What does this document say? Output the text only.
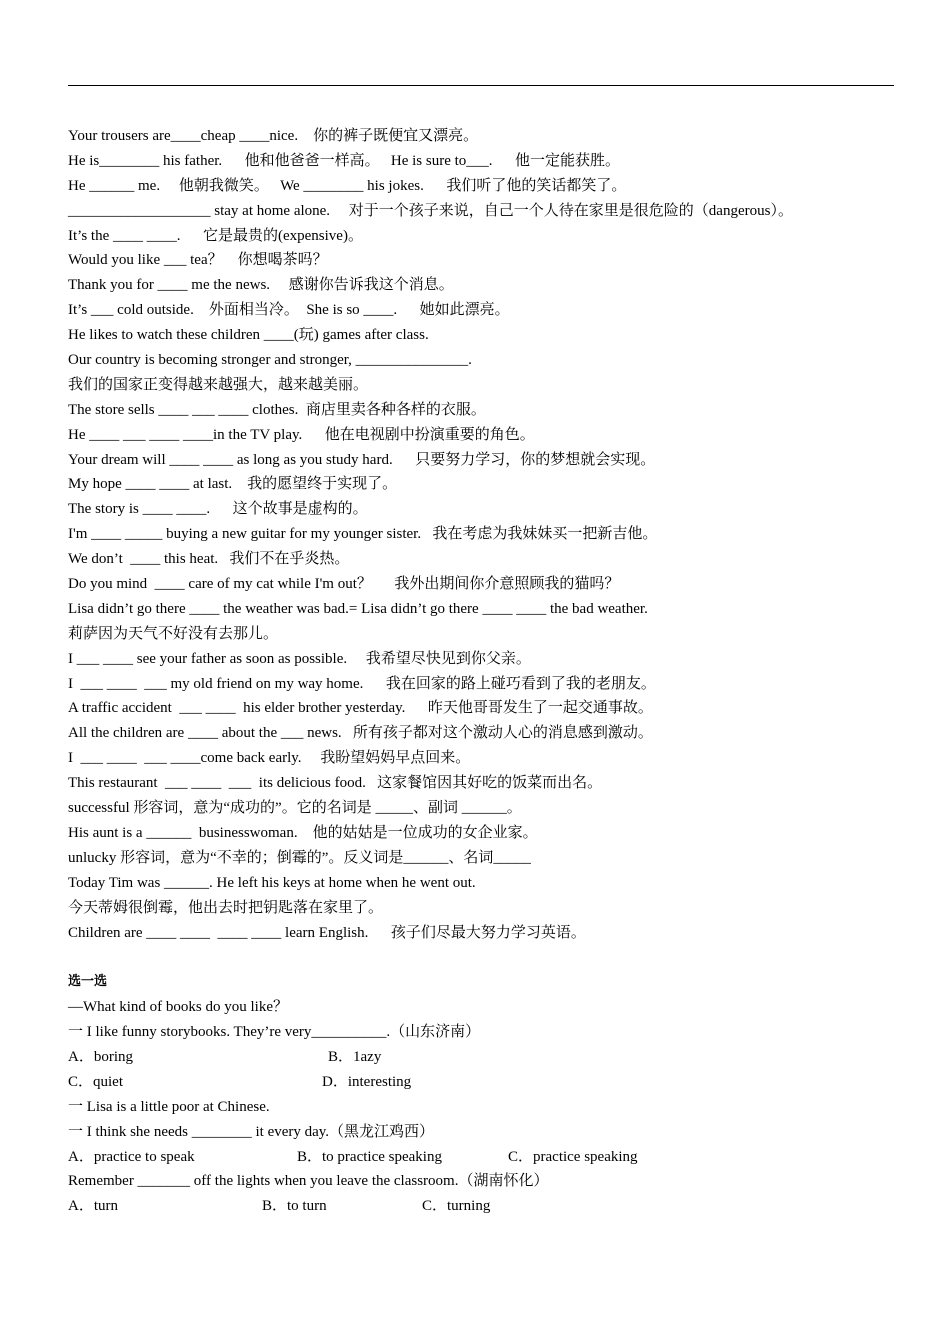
Your trousers are____cheap ____nice.    你的裤子既便宜又漂亮。
He is________ his father.      他和他爸爸一样高。   He is sure to___.      他一定能获胜。
He ______ me.     他朝我微笑。   We ________ his jokes.      我们听了他的笑话都笑了。
___________________ stay at home alone.     对于一个孩子来说，自己一个人待在家里是很危险的（dangerous）。
It’s the ____ ____.      它是最贵的(expensive)。
Would you like ___ tea？    你想喝茶吗？
Thank you for ____ me the news.     感谢你告诉我这个消息。
It’s ___ cold outside.    外面相当冷。  She is so ____.      她如此漂亮。
He likes to watch these children ____(玩) games after class.
Our country is becoming stronger and stronger, _______________.
我们的国家正变得越来越强大，越来越美丽。
The store sells ____ ___ ____ clothes.  商店里卖各种各样的衣服。
He ____ ___ ____ ____in the TV play.      他在电视剧中扮演重要的角色。
Your dream will ____ ____ as long as you study hard.      只要努力学习，你的梦想就会实现。
My hope ____ ____ at last.    我的愿望终于实现了。
The story is ____ ____.      这个故事是虚构的。
I'm ____ _____ buying a new guitar for my younger sister.   我在考虑为我妹妹买一把新吉他。
We don’t  ____ this heat.   我们不在乎炎热。
Do you mind  ____ care of my cat while I'm out？      我外出期间你介意照顾我的猫吗？
Lisa didn’t go there ____ the weather was bad.= Lisa didn’t go there ____ ____ the bad weather.
莉萨因为天气不好没有去那儿。
I ___ ____ see your father as soon as possible.     我希望尽快见到你父亲。
I  ___ ____  ___ my old friend on my way home.      我在回家的路上碰巧看到了我的老朋友。
A traffic accident  ___ ____  his elder brother yesterday.      昨天他哥哥发生了一起交通事故。
All the children are ____ about the ___ news.   所有孩子都对这个激动人心的消息感到激动。
I  ___ ____  ___ ____come back early.     我盼望妈妈早点回来。
This restaurant  ___ ____  ___  its delicious food.   这家餐馆因其好吃的饭菜而出名。
successful 形容词，意为“成功的”。它的名词是 _____、副词 ______。
His aunt is a ______  businesswoman.    他的姑姑是一位成功的女企业家。
unlucky 形容词，意为“不幸的；倒霉的”。反义词是______、名词_____
Today Tim was ______. He left his keys at home when he went out.
今天蒂姆很倒霉，他出去时把钥匙落在家里了。
Children are ____ ____  ____ ____ learn English.      孩子们尽最大努力学习英语。
选一选
—What kind of books do you like？
一 I like funny storybooks. They’re very__________.（山东济南）
A．boring	B．1azy
C．quiet	D．interesting
一 Lisa is a little poor at Chinese.
一 I think she needs ________ it every day.（黑龙江鸡西）
A．practice to speak	B．to practice speaking	C．practice speaking
Remember _______ off the lights when you leave the classroom.（湖南怀化）
A．turn	B．to turn	C．turning
